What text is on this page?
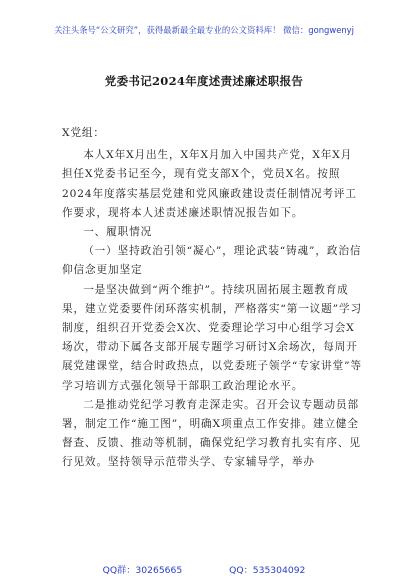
关注头条号“公文研究”，获得最新最全最专业的公文资料库！ 微信：gongwenyj
党委书记2024年度述责述廉述职报告

X党组：

本人X年X月出生，X年X月加入中国共产党，X年X月担任X党委书记至今，现有党支部X个，党员X名。按照2024年度落实基层党建和党风廉政建设责任制情况考评工作要求，现将本人述责述廉述职情况报告如下。

一、履职情况

（一）坚持政治引领“凝心”，理论武装“铸魂”，政治信仰信念更加坚定

一是坚决做到“两个维护”。持续巩固拓展主题教育成果，建立党委要件闭环落实机制，严格落实“第一议题”学习制度，组织召开党委会X次、党委理论学习中心组学习会X场次，带动下属各支部开展专题学习研讨X余场次，每周开展党建课堂，结合时政热点，以党委班子领学“专家讲堂”等学习培训方式强化领导干部职工政治理论水平。

二是推动党纪学习教育走深走实。召开会议专题动员部署，制定工作“施工图”，明确X项重点工作安排。建立健全督查、反馈、推动等机制，确保党纪学习教育扎实有序、见行见效。坚持领导示范带头学、专家辅导学，举办

QQ群：30265665	QQ：535304092
